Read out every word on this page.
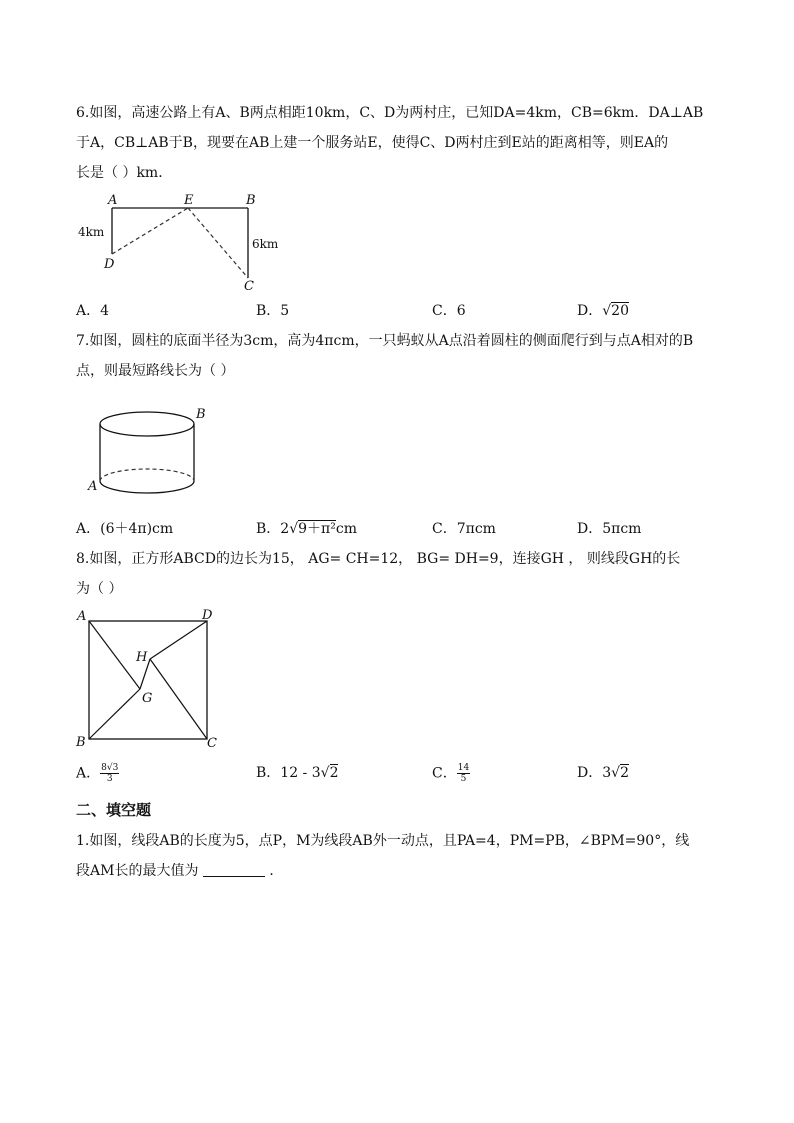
6.如图，高速公路上有A、B两点相距10km，C、D为两村庄，已知DA=4km，CB=6km．DA⊥AB
于A，CB⊥AB于B，现要在AB上建一个服务站E，使得C、D两村庄到E站的距离相等，则EA的
长是（ ）km．
A	E	B
D
C
4km
6km
A．4	B．5	C．6	D．√20
7.如图，圆柱的底面半径为3cm，高为4πcm，一只蚂蚁从A点沿着圆柱的侧面爬行到与点A相对的B
点，则最短路线长为（ ）
B
A
A．(6＋4π)cm	B．2√9＋π²cm	C．7πcm	D．5πcm
8.如图，正方形ABCD的边长为15， AG= CH=12， BG= DH=9，连接GH ， 则线段GH的长
为（ ）
A	D
B	C
H
G
A． $\frac{8√3}{3}$	B．12 - 3√2	C． $\frac{14}{5}$	D．3√2
二、填空题
1.如图，线段AB的长度为5，点P，M为线段AB外一动点，且PA=4，PM=PB，∠BPM=90°，线
段AM长的最大值为	．
